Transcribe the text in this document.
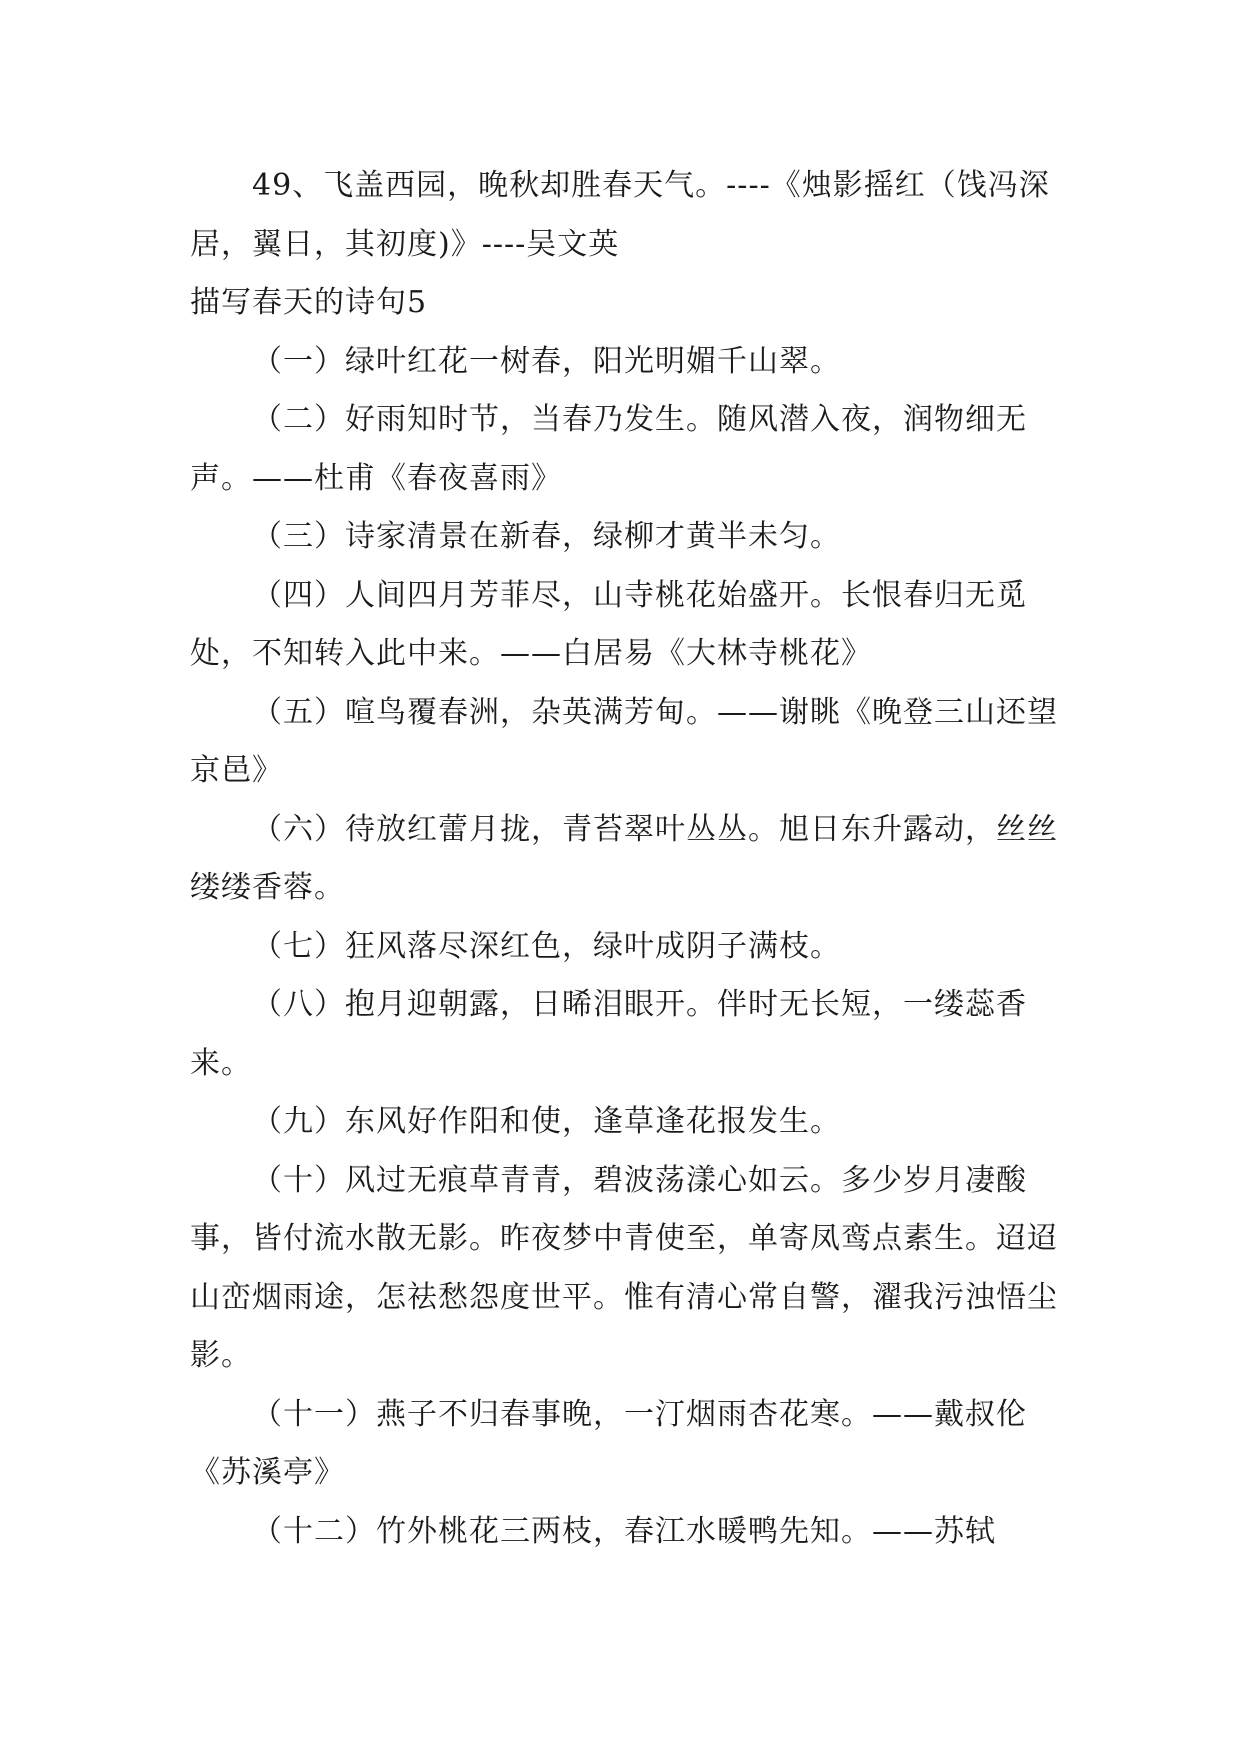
49、飞盖西园，晚秋却胜春天气。----《烛影摇红（饯冯深居，翼日，其初度)》----吴文英

描写春天的诗句5

（一）绿叶红花一树春，阳光明媚千山翠。

（二）好雨知时节，当春乃发生。随风潜入夜，润物细无声。——杜甫《春夜喜雨》

（三）诗家清景在新春，绿柳才黄半未匀。

（四）人间四月芳菲尽，山寺桃花始盛开。长恨春归无觅处，不知转入此中来。——白居易《大林寺桃花》

（五）喧鸟覆春洲，杂英满芳甸。——谢眺《晚登三山还望京邑》

（六）待放红蕾月拢，青苔翠叶丛丛。旭日东升露动，丝丝缕缕香蓉。

（七）狂风落尽深红色，绿叶成阴子满枝。

（八）抱月迎朝露，日晞泪眼开。伴时无长短，一缕蕊香来。

（九）东风好作阳和使，逢草逢花报发生。

（十）风过无痕草青青，碧波荡漾心如云。多少岁月凄酸事，皆付流水散无影。昨夜梦中青使至，单寄凤鸾点素生。迢迢山峦烟雨途，怎祛愁怨度世平。惟有清心常自警，濯我污浊悟尘影。

（十一）燕子不归春事晚，一汀烟雨杏花寒。——戴叔伦《苏溪亭》

（十二）竹外桃花三两枝，春江水暖鸭先知。——苏轼
